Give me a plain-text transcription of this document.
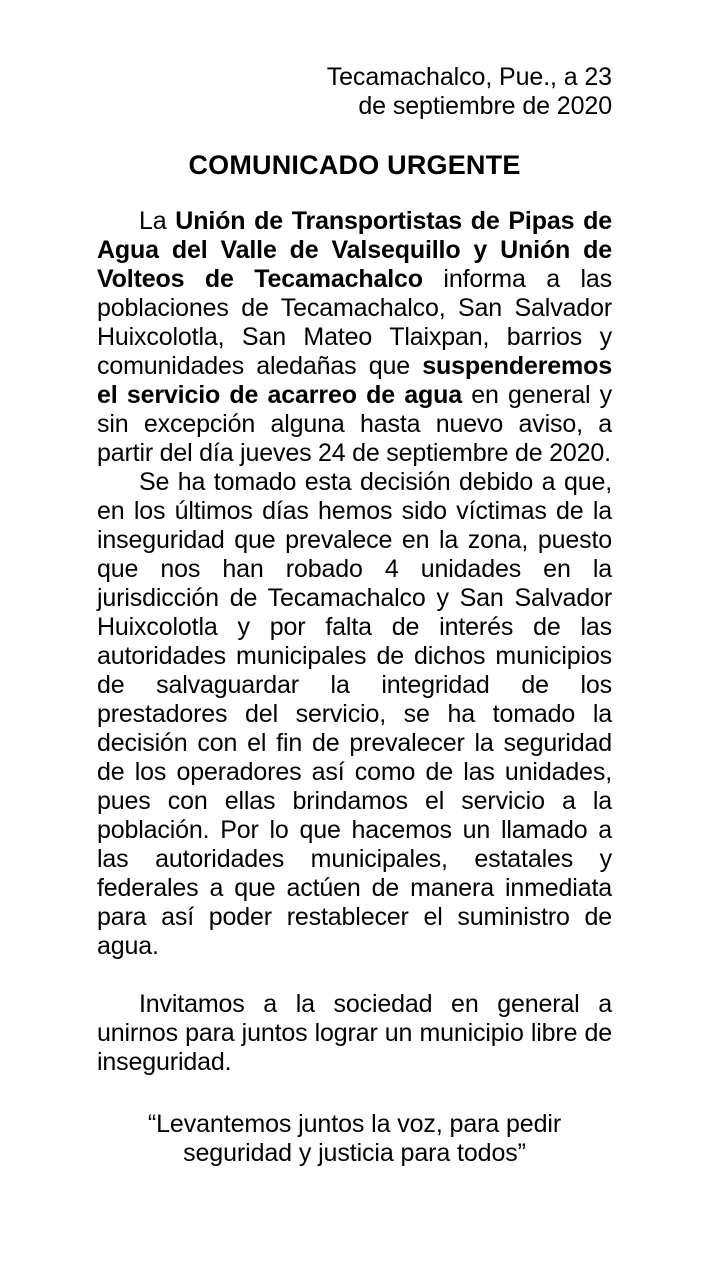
Tecamachalco, Pue., a 23
de septiembre de 2020
COMUNICADO URGENTE

La Unión de Transportistas de Pipas de Agua del Valle de Valsequillo y Unión de Volteos de Tecamachalco informa a las poblaciones de Tecamachalco, San Salvador Huixcolotla, San Mateo Tlaixpan, barrios y comunidades aledañas que suspenderemos el servicio de acarreo de agua en general y sin excepción alguna hasta nuevo aviso, a partir del día jueves 24 de septiembre de 2020.

Se ha tomado esta decisión debido a que, en los últimos días hemos sido víctimas de la inseguridad que prevalece en la zona, puesto que nos han robado 4 unidades en la jurisdicción de Tecamachalco y San Salvador Huixcolotla y por falta de interés de las autoridades municipales de dichos municipios de salvaguardar la integridad de los prestadores del servicio, se ha tomado la decisión con el fin de prevalecer la seguridad de los operadores así como de las unidades, pues con ellas brindamos el servicio a la población. Por lo que hacemos un llamado a las autoridades municipales, estatales y federales a que actúen de manera inmediata para así poder restablecer el suministro de agua.

Invitamos a la sociedad en general a unirnos para juntos lograr un municipio libre de inseguridad.

“Levantemos juntos la voz, para pedir
seguridad y justicia para todos”
